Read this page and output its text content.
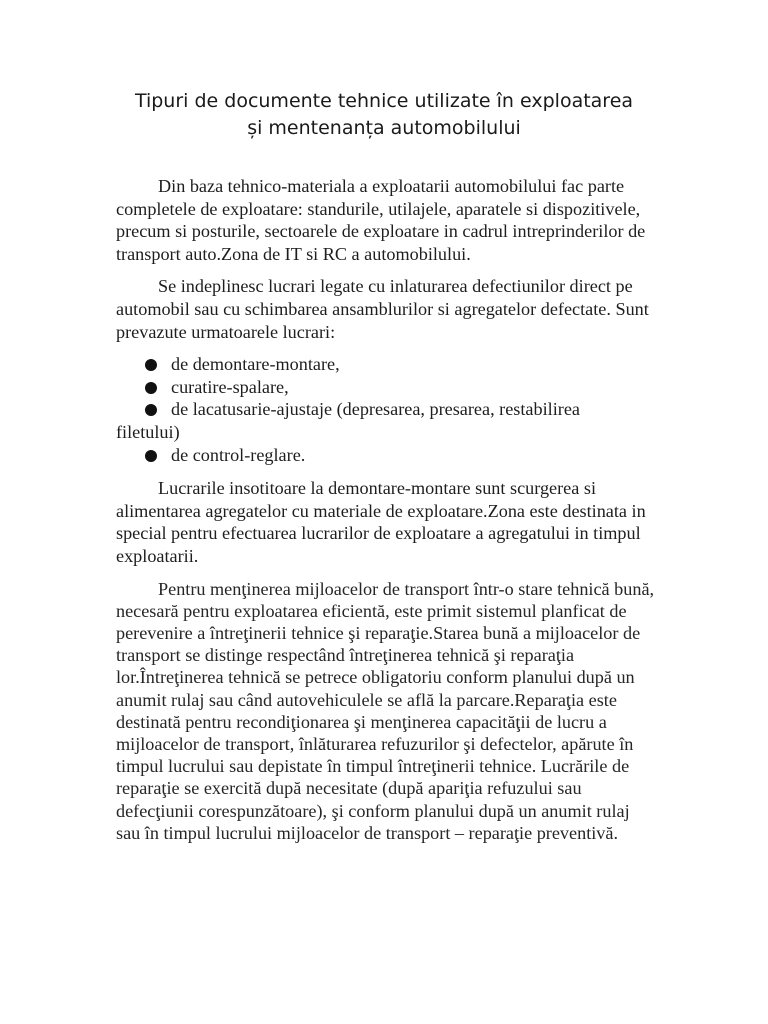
Tipuri de documente tehnice utilizate în exploatarea
și mentenanța automobilului

Din baza tehnico-materiala a exploatarii automobilului fac parte completele de exploatare: standurile, utilajele, aparatele si dispozitivele, precum si posturile, sectoarele de exploatare in cadrul intreprinderilor de transport auto.Zona de IT si RC a automobilului.

Se indeplinesc lucrari legate cu inlaturarea defectiunilor direct pe automobil sau cu schimbarea ansamblurilor si agregatelor defectate. Sunt prevazute urmatoarele lucrari:

de demontare-montare,
curatire-spalare,
de lacatusarie-ajustaje (depresarea, presarea, restabilirea
filetului)
de control-reglare.

Lucrarile insotitoare la demontare-montare sunt scurgerea si alimentarea agregatelor cu materiale de exploatare.Zona este destinata in special pentru efectuarea lucrarilor de exploatare a agregatului in timpul exploatarii.

Pentru menţinerea mijloacelor de transport într-o stare tehnică bună, necesară pentru exploatarea eficientă, este primit sistemul planficat de perevenire a întreţinerii tehnice şi reparaţie.Starea bună a mijloacelor de transport se distinge respectând întreţinerea tehnică şi reparaţia lor.Întreţinerea tehnică se petrece obligatoriu conform planului după un anumit rulaj sau când autovehiculele se află la parcare.Reparaţia este destinată pentru recondiţionarea şi menţinerea capacităţii de lucru a mijloacelor de transport, înlăturarea refuzurilor şi defectelor, apărute în timpul lucrului sau depistate în timpul întreţinerii tehnice. Lucrările de reparaţie se exercită după necesitate (după apariţia refuzului sau defecţiunii corespunzătoare), şi conform planului după un anumit rulaj sau în timpul lucrului mijloacelor de transport – reparaţie preventivă.
